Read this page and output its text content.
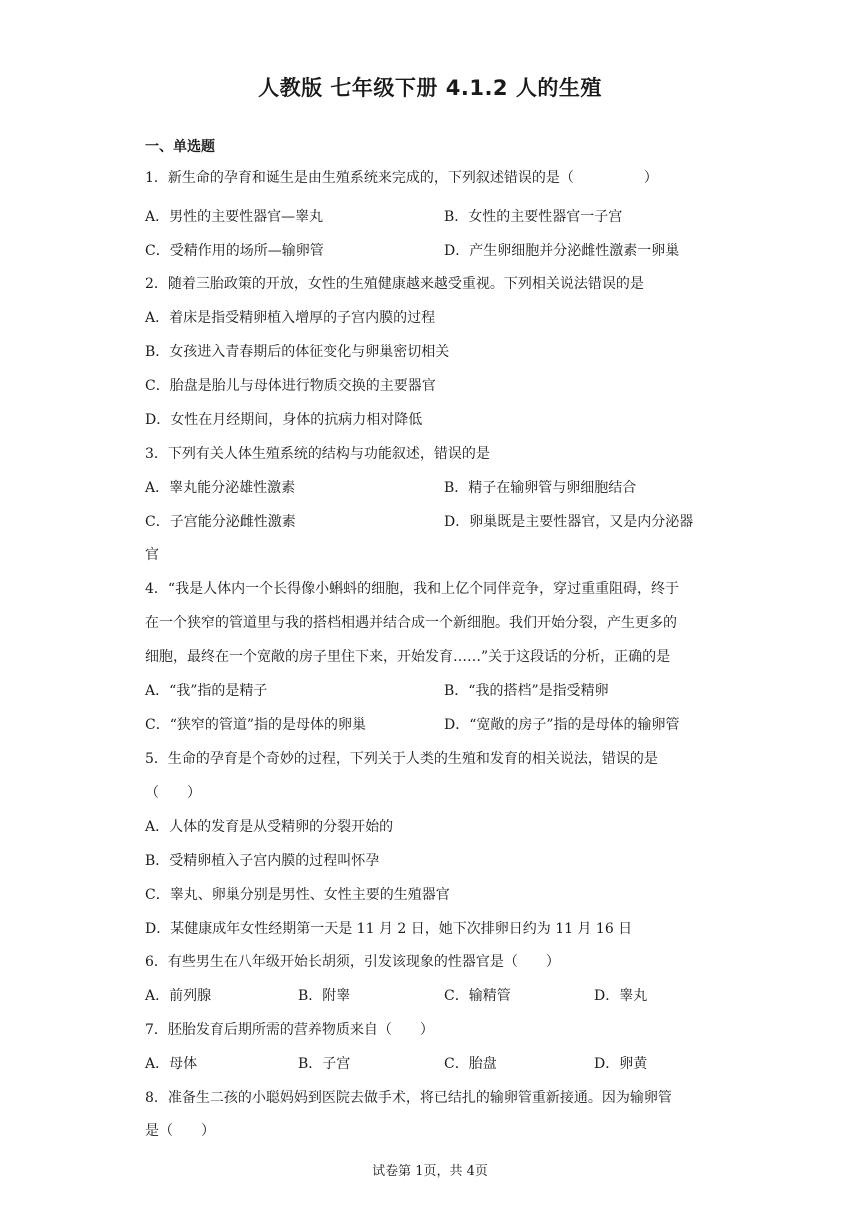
人教版 七年级下册 4.1.2 人的生殖
一、单选题
1．新生命的孕育和诞生是由生殖系统来完成的，下列叙述错误的是（　　　　　）
A．男性的主要性器官—睾丸	B．女性的主要性器官一子宫
C．受精作用的场所—输卵管	D．产生卵细胞并分泌雌性激素一卵巢
2．随着三胎政策的开放，女性的生殖健康越来越受重视。下列相关说法错误的是
A．着床是指受精卵植入增厚的子宫内膜的过程
B．女孩进入青春期后的体征变化与卵巢密切相关
C．胎盘是胎儿与母体进行物质交换的主要器官
D．女性在月经期间，身体的抗病力相对降低
3．下列有关人体生殖系统的结构与功能叙述，错误的是
A．睾丸能分泌雄性激素	B．精子在输卵管与卵细胞结合
C．子宫能分泌雌性激素	D．卵巢既是主要性器官，又是内分泌器
官
4．“我是人体内一个长得像小蝌蚪的细胞，我和上亿个同伴竞争，穿过重重阻碍，终于
在一个狭窄的管道里与我的搭档相遇并结合成一个新细胞。我们开始分裂，产生更多的
细胞，最终在一个宽敞的房子里住下来，开始发育……”关于这段话的分析，正确的是
A．“我”指的是精子	B．“我的搭档”是指受精卵
C．“狭窄的管道”指的是母体的卵巢	D．“宽敞的房子”指的是母体的输卵管
5．生命的孕育是个奇妙的过程，下列关于人类的生殖和发育的相关说法，错误的是
（　　）
A．人体的发育是从受精卵的分裂开始的
B．受精卵植入子宫内膜的过程叫怀孕
C．睾丸、卵巢分别是男性、女性主要的生殖器官
D．某健康成年女性经期第一天是 11 月 2 日，她下次排卵日约为 11 月 16 日
6．有些男生在八年级开始长胡须，引发该现象的性器官是（　　）
A．前列腺	B．附睾	C．输精管	D．睾丸
7．胚胎发育后期所需的营养物质来自（　　）
A．母体	B．子宫	C．胎盘	D．卵黄
8．准备生二孩的小聪妈妈到医院去做手术，将已结扎的输卵管重新接通。因为输卵管
是（　　）
试卷第 1页，共 4页
